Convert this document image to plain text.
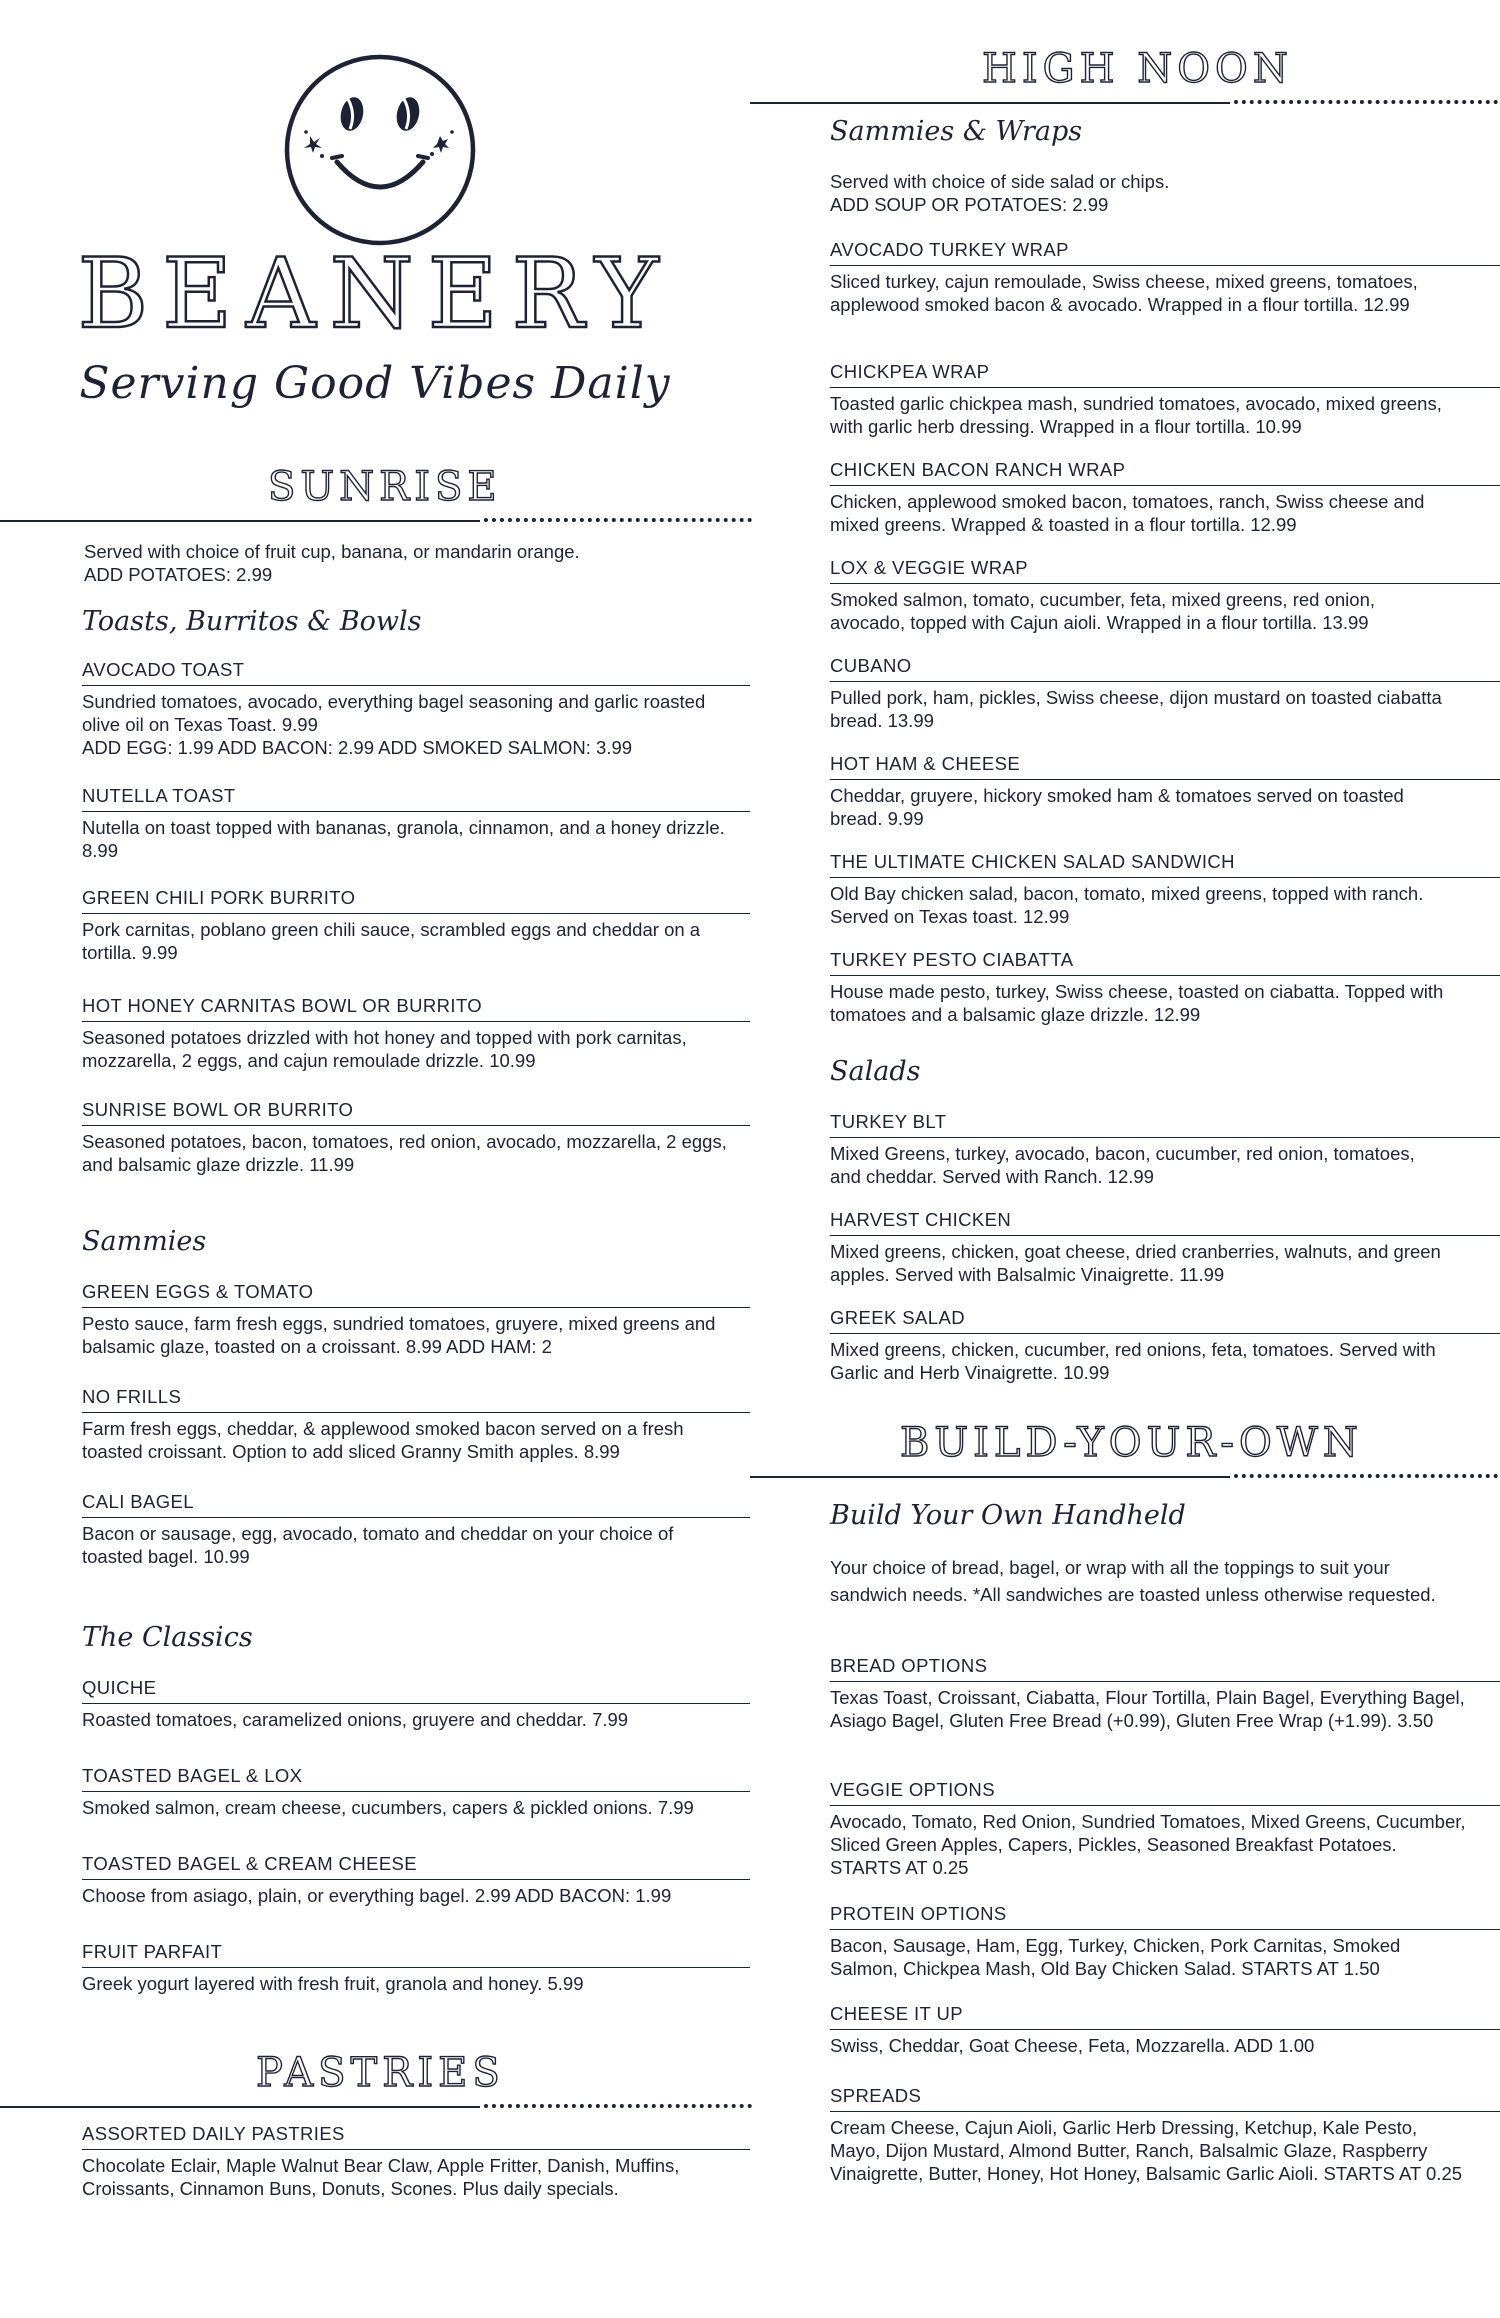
BEANERY
Serving Good Vibes Daily
SUNRISE
Served with choice of fruit cup, banana, or mandarin orange.
ADD POTATOES: 2.99
Toasts, Burritos & Bowls
AVOCADO TOAST
Sundried tomatoes, avocado, everything bagel seasoning and garlic roasted olive oil on Texas Toast. 9.99
ADD EGG: 1.99 ADD BACON: 2.99 ADD SMOKED SALMON: 3.99
NUTELLA TOAST
Nutella on toast topped with bananas, granola, cinnamon, and a honey drizzle. 8.99
GREEN CHILI PORK BURRITO
Pork carnitas, poblano green chili sauce, scrambled eggs and cheddar on a tortilla. 9.99
HOT HONEY CARNITAS BOWL OR BURRITO
Seasoned potatoes drizzled with hot honey and topped with pork carnitas, mozzarella, 2 eggs, and cajun remoulade drizzle. 10.99
SUNRISE BOWL OR BURRITO
Seasoned potatoes, bacon, tomatoes, red onion, avocado, mozzarella, 2 eggs, and balsamic glaze drizzle. 11.99
Sammies
GREEN EGGS & TOMATO
Pesto sauce, farm fresh eggs, sundried tomatoes, gruyere, mixed greens and balsamic glaze, toasted on a croissant. 8.99 ADD HAM: 2
NO FRILLS
Farm fresh eggs, cheddar, & applewood smoked bacon served on a fresh toasted croissant. Option to add sliced Granny Smith apples. 8.99
CALI BAGEL
Bacon or sausage, egg, avocado, tomato and cheddar on your choice of toasted bagel. 10.99
The Classics
QUICHE
Roasted tomatoes, caramelized onions, gruyere and cheddar. 7.99
TOASTED BAGEL & LOX
Smoked salmon, cream cheese, cucumbers, capers & pickled onions. 7.99
TOASTED BAGEL & CREAM CHEESE
Choose from asiago, plain, or everything bagel. 2.99 ADD BACON: 1.99
FRUIT PARFAIT
Greek yogurt layered with fresh fruit, granola and honey. 5.99
PASTRIES
ASSORTED DAILY PASTRIES
Chocolate Eclair, Maple Walnut Bear Claw, Apple Fritter, Danish, Muffins, Croissants, Cinnamon Buns, Donuts, Scones. Plus daily specials.
HIGH NOON
Sammies & Wraps
Served with choice of side salad or chips.
ADD SOUP OR POTATOES: 2.99
AVOCADO TURKEY WRAP
Sliced turkey, cajun remoulade, Swiss cheese, mixed greens, tomatoes, applewood smoked bacon & avocado. Wrapped in a flour tortilla. 12.99
CHICKPEA WRAP
Toasted garlic chickpea mash, sundried tomatoes, avocado, mixed greens, with garlic herb dressing. Wrapped in a flour tortilla. 10.99
CHICKEN BACON RANCH WRAP
Chicken, applewood smoked bacon, tomatoes, ranch, Swiss cheese and mixed greens. Wrapped & toasted in a flour tortilla. 12.99
LOX & VEGGIE WRAP
Smoked salmon, tomato, cucumber, feta, mixed greens, red onion, avocado, topped with Cajun aioli. Wrapped in a flour tortilla. 13.99
CUBANO
Pulled pork, ham, pickles, Swiss cheese, dijon mustard on toasted ciabatta bread. 13.99
HOT HAM & CHEESE
Cheddar, gruyere, hickory smoked ham & tomatoes served on toasted bread. 9.99
THE ULTIMATE CHICKEN SALAD SANDWICH
Old Bay chicken salad, bacon, tomato, mixed greens, topped with ranch. Served on Texas toast. 12.99
TURKEY PESTO CIABATTA
House made pesto, turkey, Swiss cheese, toasted on ciabatta. Topped with tomatoes and a balsamic glaze drizzle. 12.99
Salads
TURKEY BLT
Mixed Greens, turkey, avocado, bacon, cucumber, red onion, tomatoes, and cheddar. Served with Ranch. 12.99
HARVEST CHICKEN
Mixed greens, chicken, goat cheese, dried cranberries, walnuts, and green apples. Served with Balsalmic Vinaigrette. 11.99
GREEK SALAD
Mixed greens, chicken, cucumber, red onions, feta, tomatoes. Served with Garlic and Herb Vinaigrette. 10.99
BUILD-YOUR-OWN
Build Your Own Handheld
Your choice of bread, bagel, or wrap with all the toppings to suit your sandwich needs. *All sandwiches are toasted unless otherwise requested.
BREAD OPTIONS
Texas Toast, Croissant, Ciabatta, Flour Tortilla, Plain Bagel, Everything Bagel, Asiago Bagel, Gluten Free Bread (+0.99), Gluten Free Wrap (+1.99). 3.50
VEGGIE OPTIONS
Avocado, Tomato, Red Onion, Sundried Tomatoes, Mixed Greens, Cucumber, Sliced Green Apples, Capers, Pickles, Seasoned Breakfast Potatoes. STARTS AT 0.25
PROTEIN OPTIONS
Bacon, Sausage, Ham, Egg, Turkey, Chicken, Pork Carnitas, Smoked Salmon, Chickpea Mash, Old Bay Chicken Salad. STARTS AT 1.50
CHEESE IT UP
Swiss, Cheddar, Goat Cheese, Feta, Mozzarella. ADD 1.00
SPREADS
Cream Cheese, Cajun Aioli, Garlic Herb Dressing, Ketchup, Kale Pesto, Mayo, Dijon Mustard, Almond Butter, Ranch, Balsalmic Glaze, Raspberry Vinaigrette, Butter, Honey, Hot Honey, Balsamic Garlic Aioli. STARTS AT 0.25
